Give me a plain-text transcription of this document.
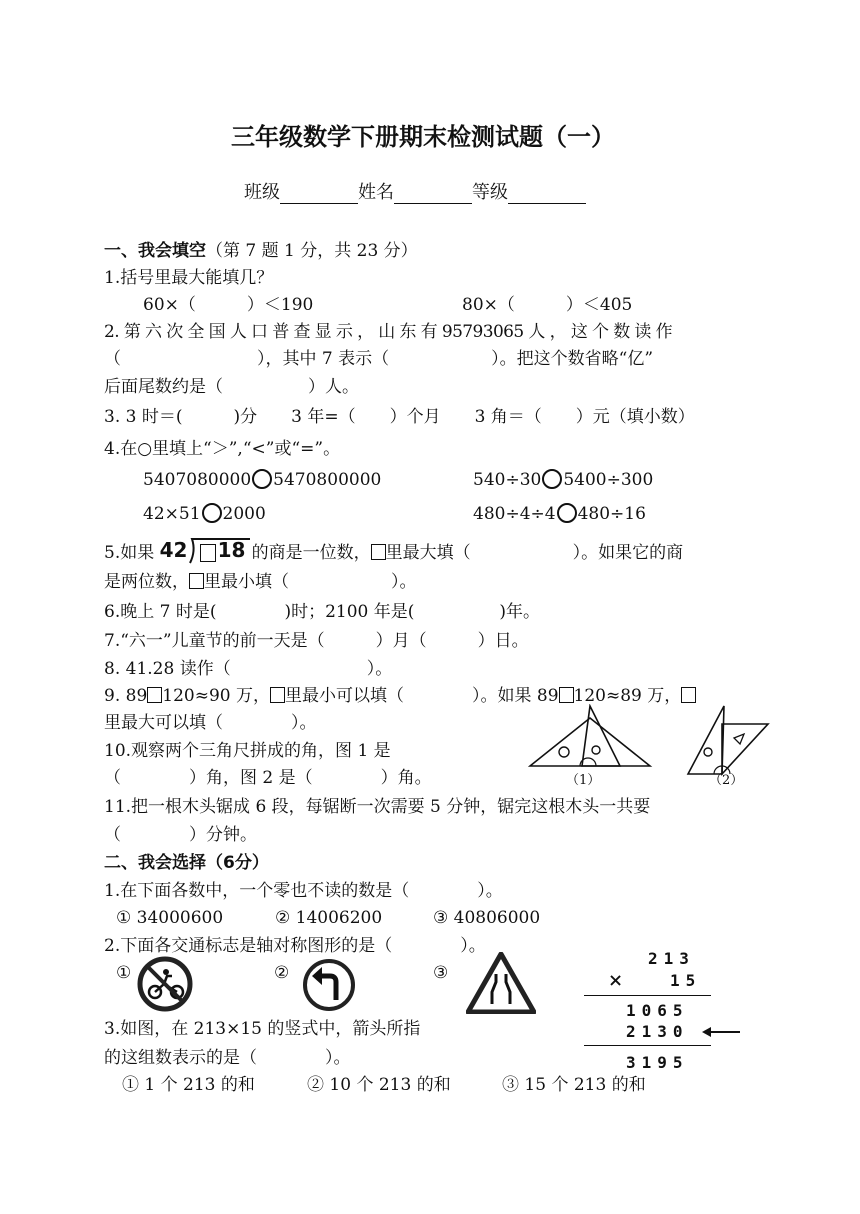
三年级数学下册期末检测试题（一）
班级	姓名	等级
一、我会填空（第 7 题 1 分，共 23 分）
1.括号里最大能填几？
60×（　　　）＜190	80×（　　　）＜405
2. 第 六 次 全 国 人 口 普 查 显 示 ， 山 东 有 95793065 人 ， 这 个 数 读 作
（　　　　　　　　），其中 7 表示（　　　　　　）。把这个数省略“亿”
后面尾数约是（　　　　　）人。
3. 3 时＝(　　　)分　　3 年=（　　）个月　　3 角＝（　　）元（填小数）
4.在○里填上“＞”,“<”或“=”。
5407080000 5470800000	540÷30 5400÷300
42×51 2000	480÷4÷4 480÷16
5.如果 42 18 的商是一位数， 里最大填（　　　　　　）。如果它的商
是两位数， 里最小填（　　　　　　）。
6.晚上 7 时是(　　　　)时；2100 年是(　　　　　)年。
7.“六一”儿童节的前一天是（　　　）月（　　　）日。
8. 41.28 读作（　　　　　　　　）。
9. 89 120≈90 万， 里最小可以填（　　　　）。如果 89 120≈89 万，
里最大可以填（　　　　）。
10.观察两个三角尺拼成的角，图 1 是
（　　　　）角，图 2 是（　　　　）角。	（1）	（2）
11.把一根木头锯成 6 段，每锯断一次需要 5 分钟，锯完这根木头一共要
（　　　　）分钟。
二、我会选择（6分）
1.在下面各数中，一个零也不读的数是（　　　　）。
① 34000600	② 14006200	③ 40806000
2.下面各交通标志是轴对称图形的是（　　　　）。
①	②	③
213
×	15
1065
2130
3195
3.如图，在 213×15 的竖式中，箭头所指
的这组数表示的是（　　　　）。
① 1 个 213 的和	② 10 个 213 的和	③ 15 个 213 的和
